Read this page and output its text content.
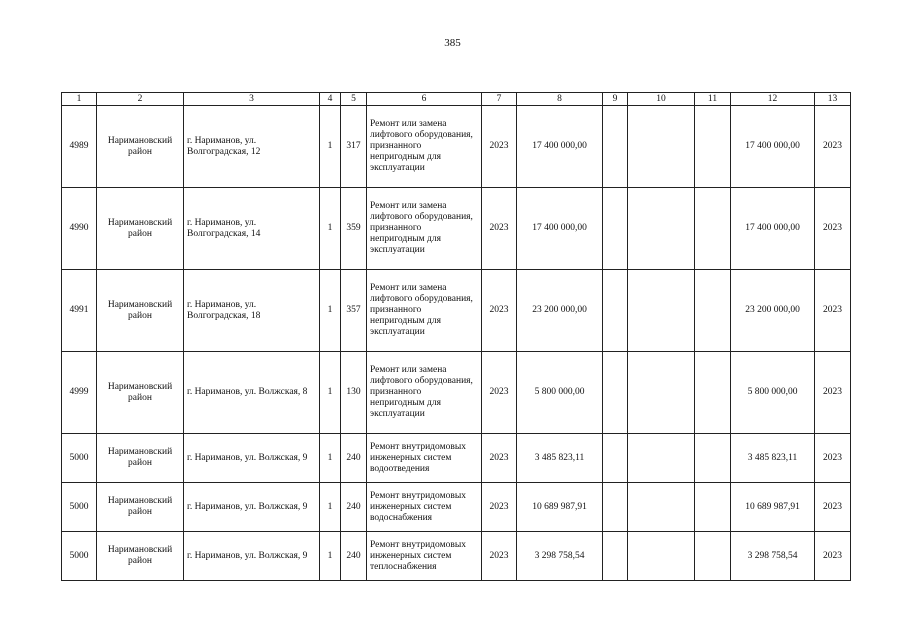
385
1	2	3	4	5	6	7	8	9	10	11	12	13
4989	Наримановский район	г. Нариманов, ул. Волгоградская, 12	1	317	Ремонт или замена лифтового оборудования, признанного непригодным для эксплуатации	2023	17 400 000,00				17 400 000,00	2023
4990	Наримановский район	г. Нариманов, ул. Волгоградская, 14	1	359	Ремонт или замена лифтового оборудования, признанного непригодным для эксплуатации	2023	17 400 000,00				17 400 000,00	2023
4991	Наримановский район	г. Нариманов, ул. Волгоградская, 18	1	357	Ремонт или замена лифтового оборудования, признанного непригодным для эксплуатации	2023	23 200 000,00				23 200 000,00	2023
4999	Наримановский район	г. Нариманов, ул. Волжская, 8	1	130	Ремонт или замена лифтового оборудования, признанного непригодным для эксплуатации	2023	5 800 000,00				5 800 000,00	2023
5000	Наримановский район	г. Нариманов, ул. Волжская, 9	1	240	Ремонт внутридомовых инженерных систем водоотведения	2023	3 485 823,11				3 485 823,11	2023
5000	Наримановский район	г. Нариманов, ул. Волжская, 9	1	240	Ремонт внутридомовых инженерных систем водоснабжения	2023	10 689 987,91				10 689 987,91	2023
5000	Наримановский район	г. Нариманов, ул. Волжская, 9	1	240	Ремонт внутридомовых инженерных систем теплоснабжения	2023	3 298 758,54				3 298 758,54	2023
